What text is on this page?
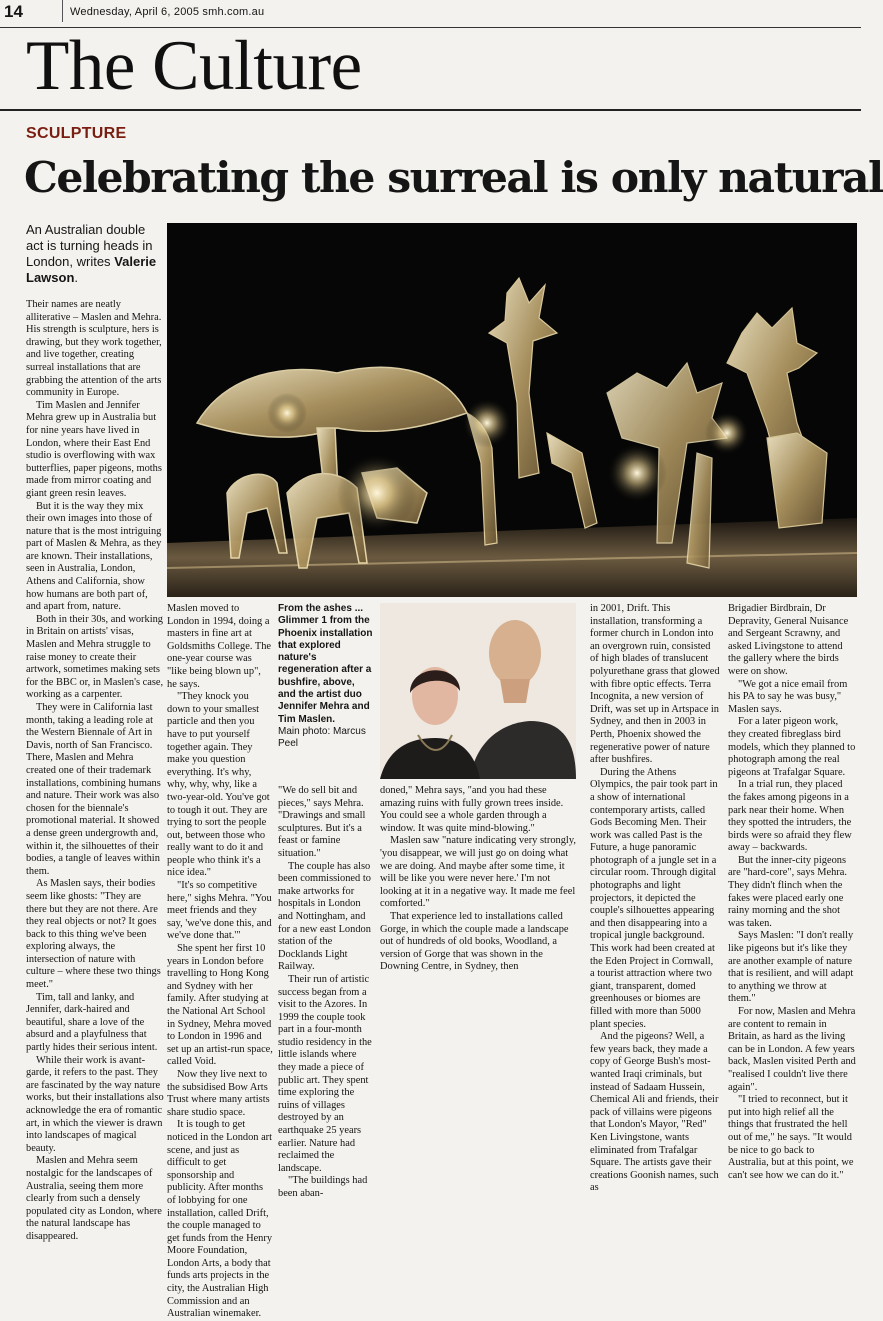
14	Wednesday, April 6, 2005 smh.com.au
The Culture
SCULPTURE
Celebrating the surreal is only natural
An Australian double act is turning heads in London, writes Valerie Lawson.
From the ashes ... Glimmer 1 from the Phoenix installation that explored nature's regeneration after a bushfire, above, and the artist duo Jennifer Mehra and Tim Maslen.
Main photo: Marcus Peel

Their names are neatly alliterative – Maslen and Mehra. His strength is sculpture, hers is drawing, but they work together, and live together, creating surreal installations that are grabbing the attention of the arts community in Europe.

Tim Maslen and Jennifer Mehra grew up in Australia but for nine years have lived in London, where their East End studio is overflowing with wax butterflies, paper pigeons, moths made from mirror coating and giant green resin leaves.

But it is the way they mix their own images into those of nature that is the most intriguing part of Maslen & Mehra, as they are known. Their installations, seen in Australia, London, Athens and California, show how humans are both part of, and apart from, nature.

Both in their 30s, and working in Britain on artists' visas, Maslen and Mehra struggle to raise money to create their artwork, sometimes making sets for the BBC or, in Maslen's case, working as a carpenter.

They were in California last month, taking a leading role at the Western Biennale of Art in Davis, north of San Francisco. There, Maslen and Mehra created one of their trademark installations, combining humans and nature. Their work was also chosen for the biennale's promotional material. It showed a dense green undergrowth and, within it, the silhouettes of their bodies, a tangle of leaves within them.

As Maslen says, their bodies seem like ghosts: "They are there but they are not there. Are they real objects or not? It goes back to this thing we've been exploring always, the intersection of nature with culture – where these two things meet."

Tim, tall and lanky, and Jennifer, dark-haired and beautiful, share a love of the absurd and a playfulness that partly hides their serious intent.

While their work is avant-garde, it refers to the past. They are fascinated by the way nature works, but their installations also acknowledge the era of romantic art, in which the viewer is drawn into landscapes of magical beauty.

Maslen and Mehra seem nostalgic for the landscapes of Australia, seeing them more clearly from such a densely populated city as London, where the natural landscape has disappeared.

Maslen moved to London in 1994, doing a masters in fine art at Goldsmiths College. The one-year course was "like being blown up", he says.

"They knock you down to your smallest particle and then you have to put yourself together again. They make you question everything. It's why, why, why, why, like a two-year-old. You've got to tough it out. They are trying to sort the people out, between those who really want to do it and people who think it's a nice idea."

"It's so competitive here," sighs Mehra. "You meet friends and they say, 'we've done this, and we've done that.'"

She spent her first 10 years in London before travelling to Hong Kong and Sydney with her family. After studying at the National Art School in Sydney, Mehra moved to London in 1996 and set up an artist-run space, called Void.

Now they live next to the subsidised Bow Arts Trust where many artists share studio space.

It is tough to get noticed in the London art scene, and just as difficult to get sponsorship and publicity. After months of lobbying for one installation, called Drift, the couple managed to get funds from the Henry Moore Foundation, London Arts, a body that funds arts projects in the city, the Australian High Commission and an Australian winemaker.

"We do sell bit and pieces," says Mehra. "Drawings and small sculptures. But it's a feast or famine situation."

The couple has also been commissioned to make artworks for hospitals in London and Nottingham, and for a new east London station of the Docklands Light Railway.

Their run of artistic success began from a visit to the Azores. In 1999 the couple took part in a four-month studio residency in the little islands where they made a piece of public art. They spent time exploring the ruins of villages destroyed by an earthquake 25 years earlier. Nature had reclaimed the landscape.

"The buildings had been aban-

doned," Mehra says, "and you had these amazing ruins with fully grown trees inside. You could see a whole garden through a window. It was quite mind-blowing."

Maslen saw "nature indicating very strongly, 'you disappear, we will just go on doing what we are doing. And maybe after some time, it will be like you were never here.' I'm not looking at it in a negative way. It made me feel comforted."

That experience led to installations called Gorge, in which the couple made a landscape out of hundreds of old books, Woodland, a version of Gorge that was shown in the Downing Centre, in Sydney, then

in 2001, Drift. This installation, transforming a former church in London into an overgrown ruin, consisted of high blades of translucent polyurethane grass that glowed with fibre optic effects. Terra Incognita, a new version of Drift, was set up in Artspace in Sydney, and then in 2003 in Perth, Phoenix showed the regenerative power of nature after bushfires.

During the Athens Olympics, the pair took part in a show of international contemporary artists, called Gods Becoming Men. Their work was called Past is the Future, a huge panoramic photograph of a jungle set in a circular room. Through digital photographs and light projectors, it depicted the couple's silhouettes appearing and then disappearing into a tropical jungle background. This work had been created at the Eden Project in Cornwall, a tourist attraction where two giant, transparent, domed greenhouses or biomes are filled with more than 5000 plant species.

And the pigeons? Well, a few years back, they made a copy of George Bush's most-wanted Iraqi criminals, but instead of Sadaam Hussein, Chemical Ali and friends, their pack of villains were pigeons that London's Mayor, "Red" Ken Livingstone, wants eliminated from Trafalgar Square. The artists gave their creations Goonish names, such as

Brigadier Birdbrain, Dr Depravity, General Nuisance and Sergeant Scrawny, and asked Livingstone to attend the gallery where the birds were on show.

"We got a nice email from his PA to say he was busy," Maslen says.

For a later pigeon work, they created fibreglass bird models, which they planned to photograph among the real pigeons at Trafalgar Square.

In a trial run, they placed the fakes among pigeons in a park near their home. When they spotted the intruders, the birds were so afraid they flew away – backwards.

But the inner-city pigeons are "hard-core", says Mehra. They didn't flinch when the fakes were placed early one rainy morning and the shot was taken.

Says Maslen: "I don't really like pigeons but it's like they are another example of nature that is resilient, and will adapt to anything we throw at them."

For now, Maslen and Mehra are content to remain in Britain, as hard as the living can be in London. A few years back, Maslen visited Perth and "realised I couldn't live there again".

"I tried to reconnect, but it put into high relief all the things that frustrated the hell out of me," he says. "It would be nice to go back to Australia, but at this point, we can't see how we can do it."
